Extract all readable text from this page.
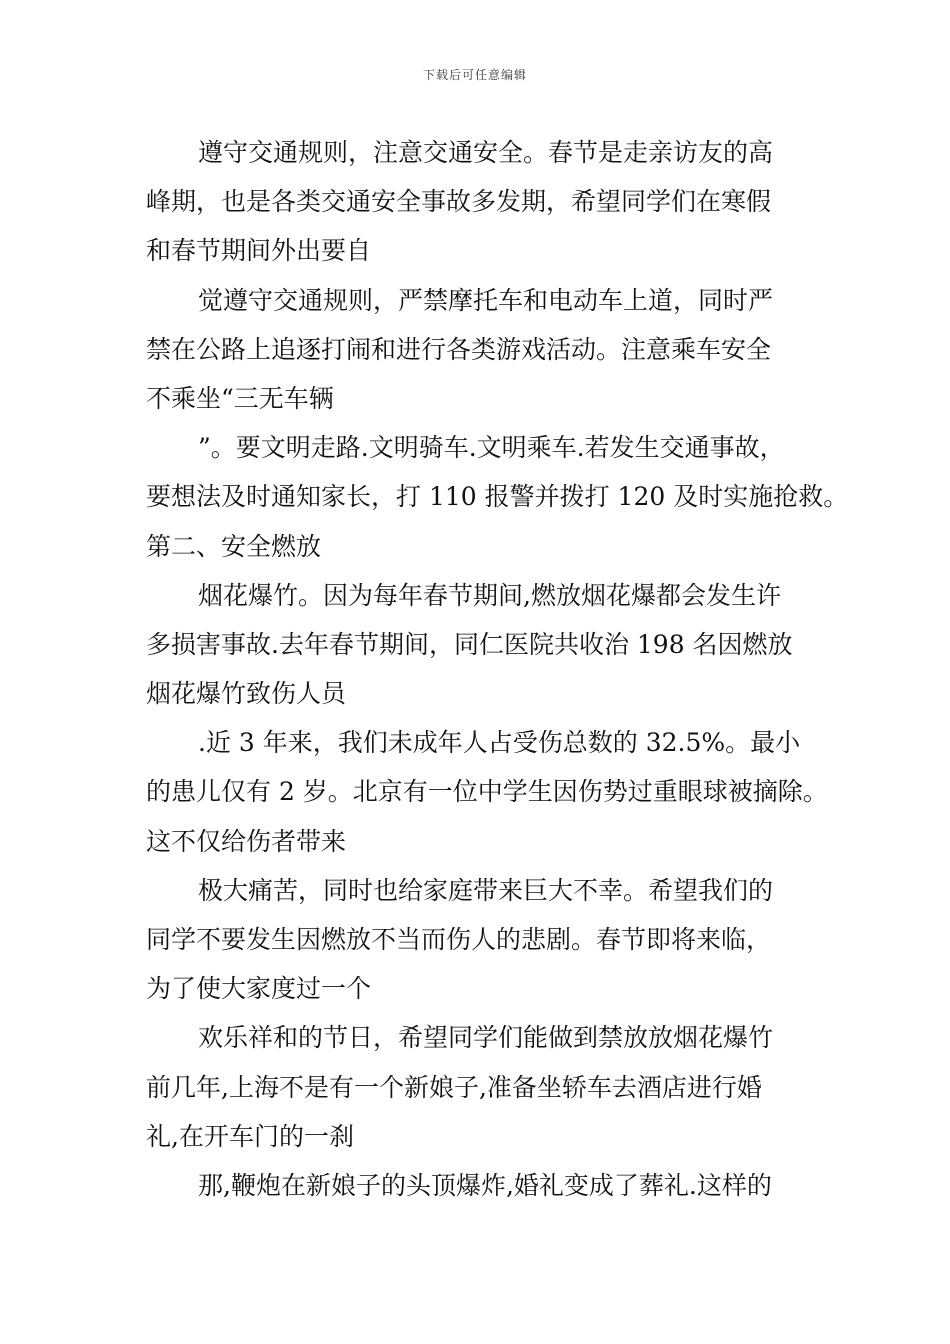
下载后可任意编辑
遵守交通规则，注意交通安全。春节是走亲访友的高
峰期，也是各类交通安全事故多发期，希望同学们在寒假
和春节期间外出要自
觉遵守交通规则，严禁摩托车和电动车上道，同时严
禁在公路上追逐打闹和进行各类游戏活动。注意乘车安全
不乘坐“三无车辆
”。要文明走路.文明骑车.文明乘车.若发生交通事故，
要想法及时通知家长，打 110 报警并拨打 120 及时实施抢救。
第二、安全燃放
烟花爆竹。因为每年春节期间,燃放烟花爆都会发生许
多损害事故.去年春节期间，同仁医院共收治 198 名因燃放
烟花爆竹致伤人员
.近 3 年来，我们未成年人占受伤总数的 32.5%。最小
的患儿仅有 2 岁。北京有一位中学生因伤势过重眼球被摘除。
这不仅给伤者带来
极大痛苦，同时也给家庭带来巨大不幸。希望我们的
同学不要发生因燃放不当而伤人的悲剧。春节即将来临，
为了使大家度过一个
欢乐祥和的节日，希望同学们能做到禁放放烟花爆竹
前几年,上海不是有一个新娘子,准备坐轿车去酒店进行婚
礼,在开车门的一刹
那,鞭炮在新娘子的头顶爆炸,婚礼变成了葬礼.这样的
